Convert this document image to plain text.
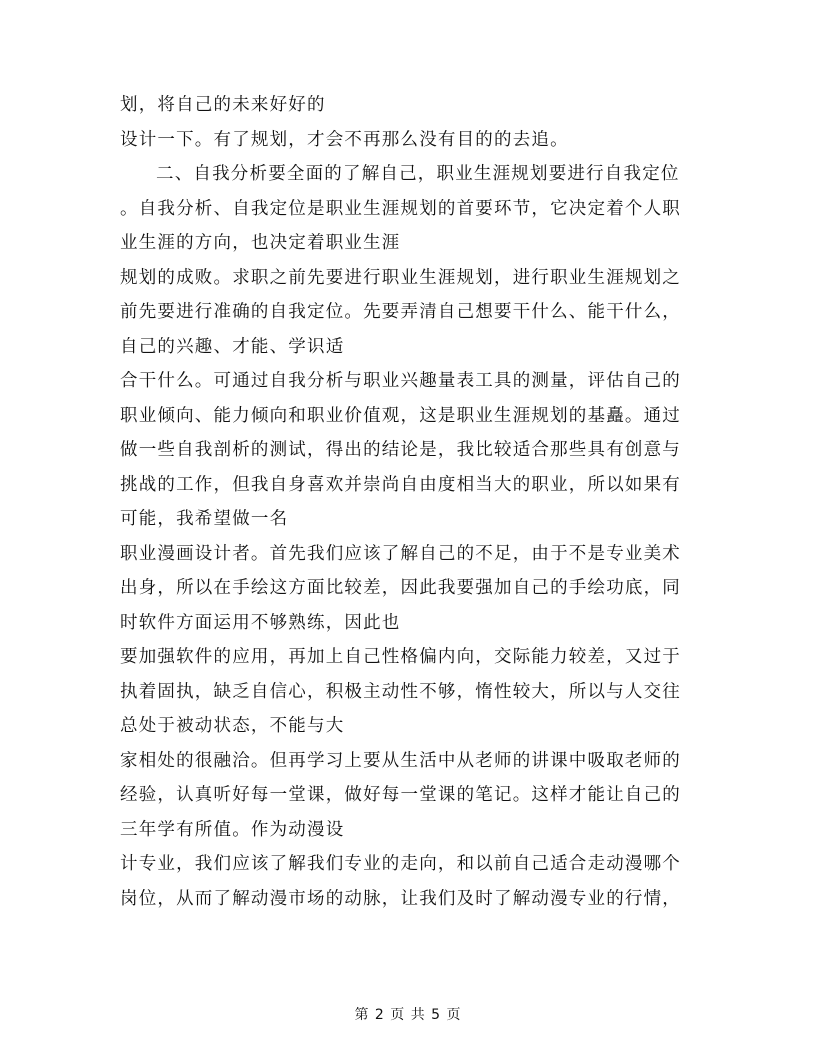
划，将自己的未来好好的
设计一下。有了规划，才会不再那么没有目的的去追。
二、自我分析要全面的了解自己，职业生涯规划要进行自我定位
。自我分析、自我定位是职业生涯规划的首要环节，它决定着个人职
业生涯的方向，也决定着职业生涯
规划的成败。求职之前先要进行职业生涯规划，进行职业生涯规划之
前先要进行准确的自我定位。先要弄清自己想要干什么、能干什么，
自己的兴趣、才能、学识适
合干什么。可通过自我分析与职业兴趣量表工具的测量，评估自己的
职业倾向、能力倾向和职业价值观，这是职业生涯规划的基矗。通过
做一些自我剖析的测试，得出的结论是，我比较适合那些具有创意与
挑战的工作，但我自身喜欢并崇尚自由度相当大的职业，所以如果有
可能，我希望做一名
职业漫画设计者。首先我们应该了解自己的不足，由于不是专业美术
出身，所以在手绘这方面比较差，因此我要强加自己的手绘功底，同
时软件方面运用不够熟练，因此也
要加强软件的应用，再加上自己性格偏内向，交际能力较差，又过于
执着固执，缺乏自信心，积极主动性不够，惰性较大，所以与人交往
总处于被动状态，不能与大
家相处的很融洽。但再学习上要从生活中从老师的讲课中吸取老师的
经验，认真听好每一堂课，做好每一堂课的笔记。这样才能让自己的
三年学有所值。作为动漫设
计专业，我们应该了解我们专业的走向，和以前自己适合走动漫哪个
岗位，从而了解动漫市场的动脉，让我们及时了解动漫专业的行情，
第 2 页 共 5 页
